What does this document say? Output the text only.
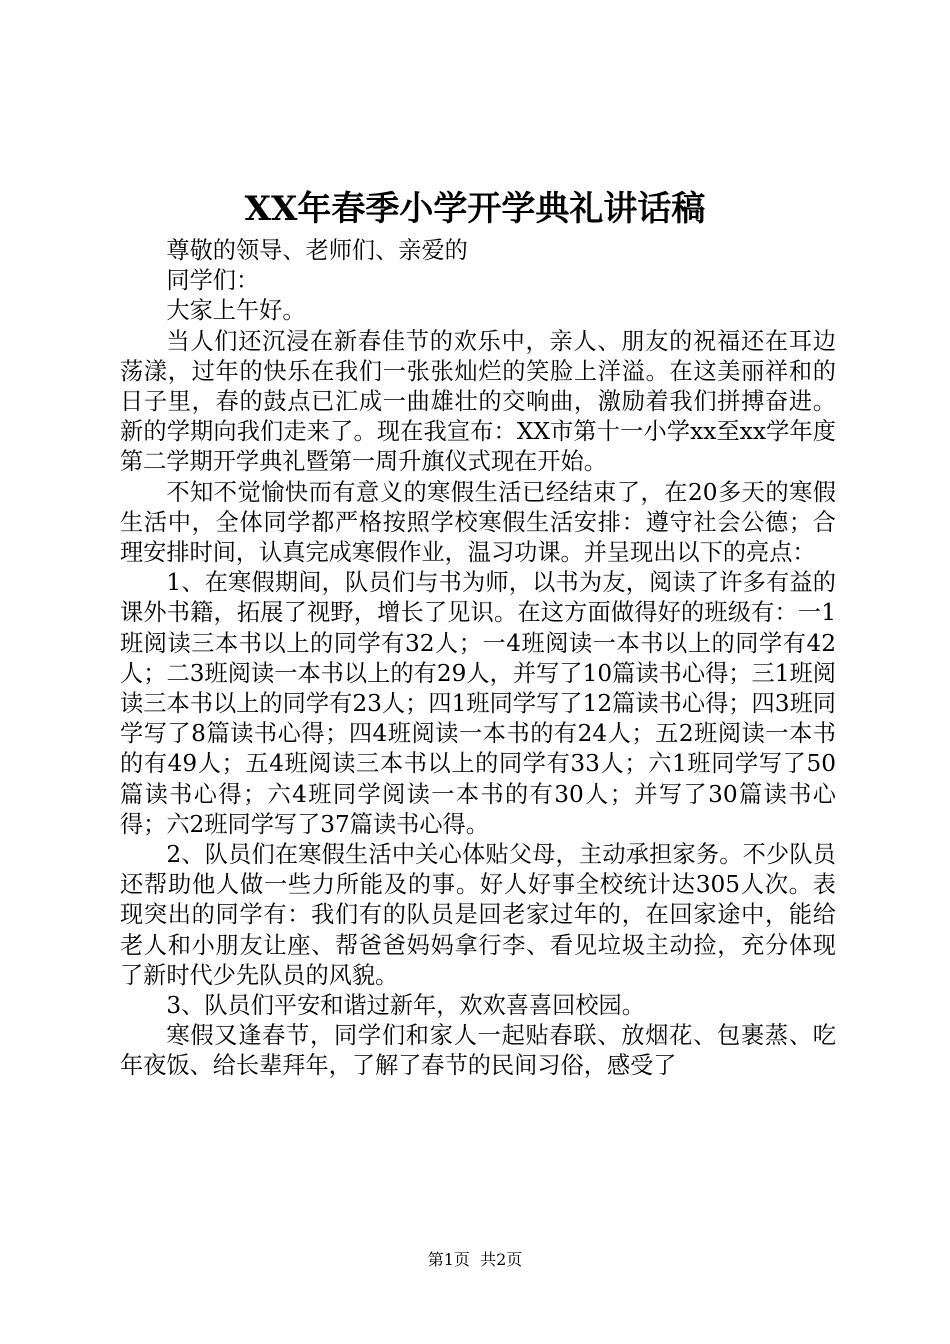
XX年春季小学开学典礼讲话稿

尊敬的领导、老师们、亲爱的

同学们：

大家上午好。

当人们还沉浸在新春佳节的欢乐中，亲人、朋友的祝福还在耳边荡漾，过年的快乐在我们一张张灿烂的笑脸上洋溢。在这美丽祥和的日子里，春的鼓点已汇成一曲雄壮的交响曲，激励着我们拼搏奋进。新的学期向我们走来了。现在我宣布：XX市第十一小学xx至xx学年度第二学期开学典礼暨第一周升旗仪式现在开始。

不知不觉愉快而有意义的寒假生活已经结束了，在20多天的寒假生活中，全体同学都严格按照学校寒假生活安排：遵守社会公德；合理安排时间，认真完成寒假作业，温习功课。并呈现出以下的亮点：

1、在寒假期间，队员们与书为师，以书为友，阅读了许多有益的课外书籍，拓展了视野，增长了见识。在这方面做得好的班级有：一1班阅读三本书以上的同学有32人；一4班阅读一本书以上的同学有42人；二3班阅读一本书以上的有29人，并写了10篇读书心得；三1班阅读三本书以上的同学有23人；四1班同学写了12篇读书心得；四3班同学写了8篇读书心得；四4班阅读一本书的有24人；五2班阅读一本书的有49人；五4班阅读三本书以上的同学有33人；六1班同学写了50篇读书心得；六4班同学阅读一本书的有30人；并写了30篇读书心得；六2班同学写了37篇读书心得。

2、队员们在寒假生活中关心体贴父母，主动承担家务。不少队员还帮助他人做一些力所能及的事。好人好事全校统计达305人次。表现突出的同学有：我们有的队员是回老家过年的，在回家途中，能给老人和小朋友让座、帮爸爸妈妈拿行李、看见垃圾主动捡，充分体现了新时代少先队员的风貌。

3、队员们平安和谐过新年，欢欢喜喜回校园。

寒假又逢春节，同学们和家人一起贴春联、放烟花、包裹蒸、吃年夜饭、给长辈拜年，了解了春节的民间习俗，感受了

第1页  共2页
